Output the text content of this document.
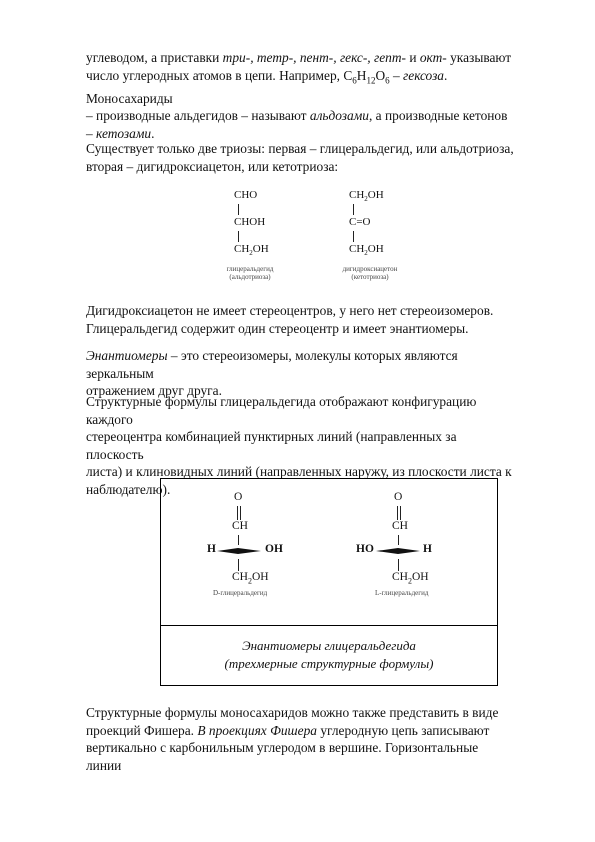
углеводом, а приставки три-, тетр-, пент-, гекс-, гепт- и окт- указывают
число углеродных атомов в цепи. Например, $C_6H_{12}O_6$ – гексоза. Моносахариды
– производные альдегидов – называют альдозами, а производные кетонов
– кетозами.
Существует только две триозы: первая – глицеральдегид, или альдотриоза,
вторая – дигидроксиацетон, или кетотриоза:
CHO
CHOH
$CH_2OH$
глицеральдегид
(альдотриоза)
$CH_2OH$
C=O
$CH_2OH$
дигидроксиацетон
(кетотриоза)
Дигидроксиацетон не имеет стереоцентров, у него нет стереоизомеров.
Глицеральдегид содержит один стереоцентр и имеет энантиомеры.
Энантиомеры – это стереоизомеры, молекулы которых являются зеркальным
отражением друг друга.
Структурные формулы глицеральдегида отображают конфигурацию каждого
стереоцентра комбинацией пунктирных линий (направленных за плоскость
листа) и клиновидных линий (направленных наружу, из плоскости листа к
наблюдателю).
O
CH
H	OH
$CH_2OH$
D-глицеральдегид
O
CH
HO	H
$CH_2OH$
L-глицеральдегид
Энантиомеры глицеральдегида
(трехмерные структурные формулы)
Структурные формулы моносахаридов можно также представить в виде
проекций Фишера. В проекциях Фишера углеродную цепь записывают
вертикально с карбонильным углеродом в вершине. Горизонтальные линии
